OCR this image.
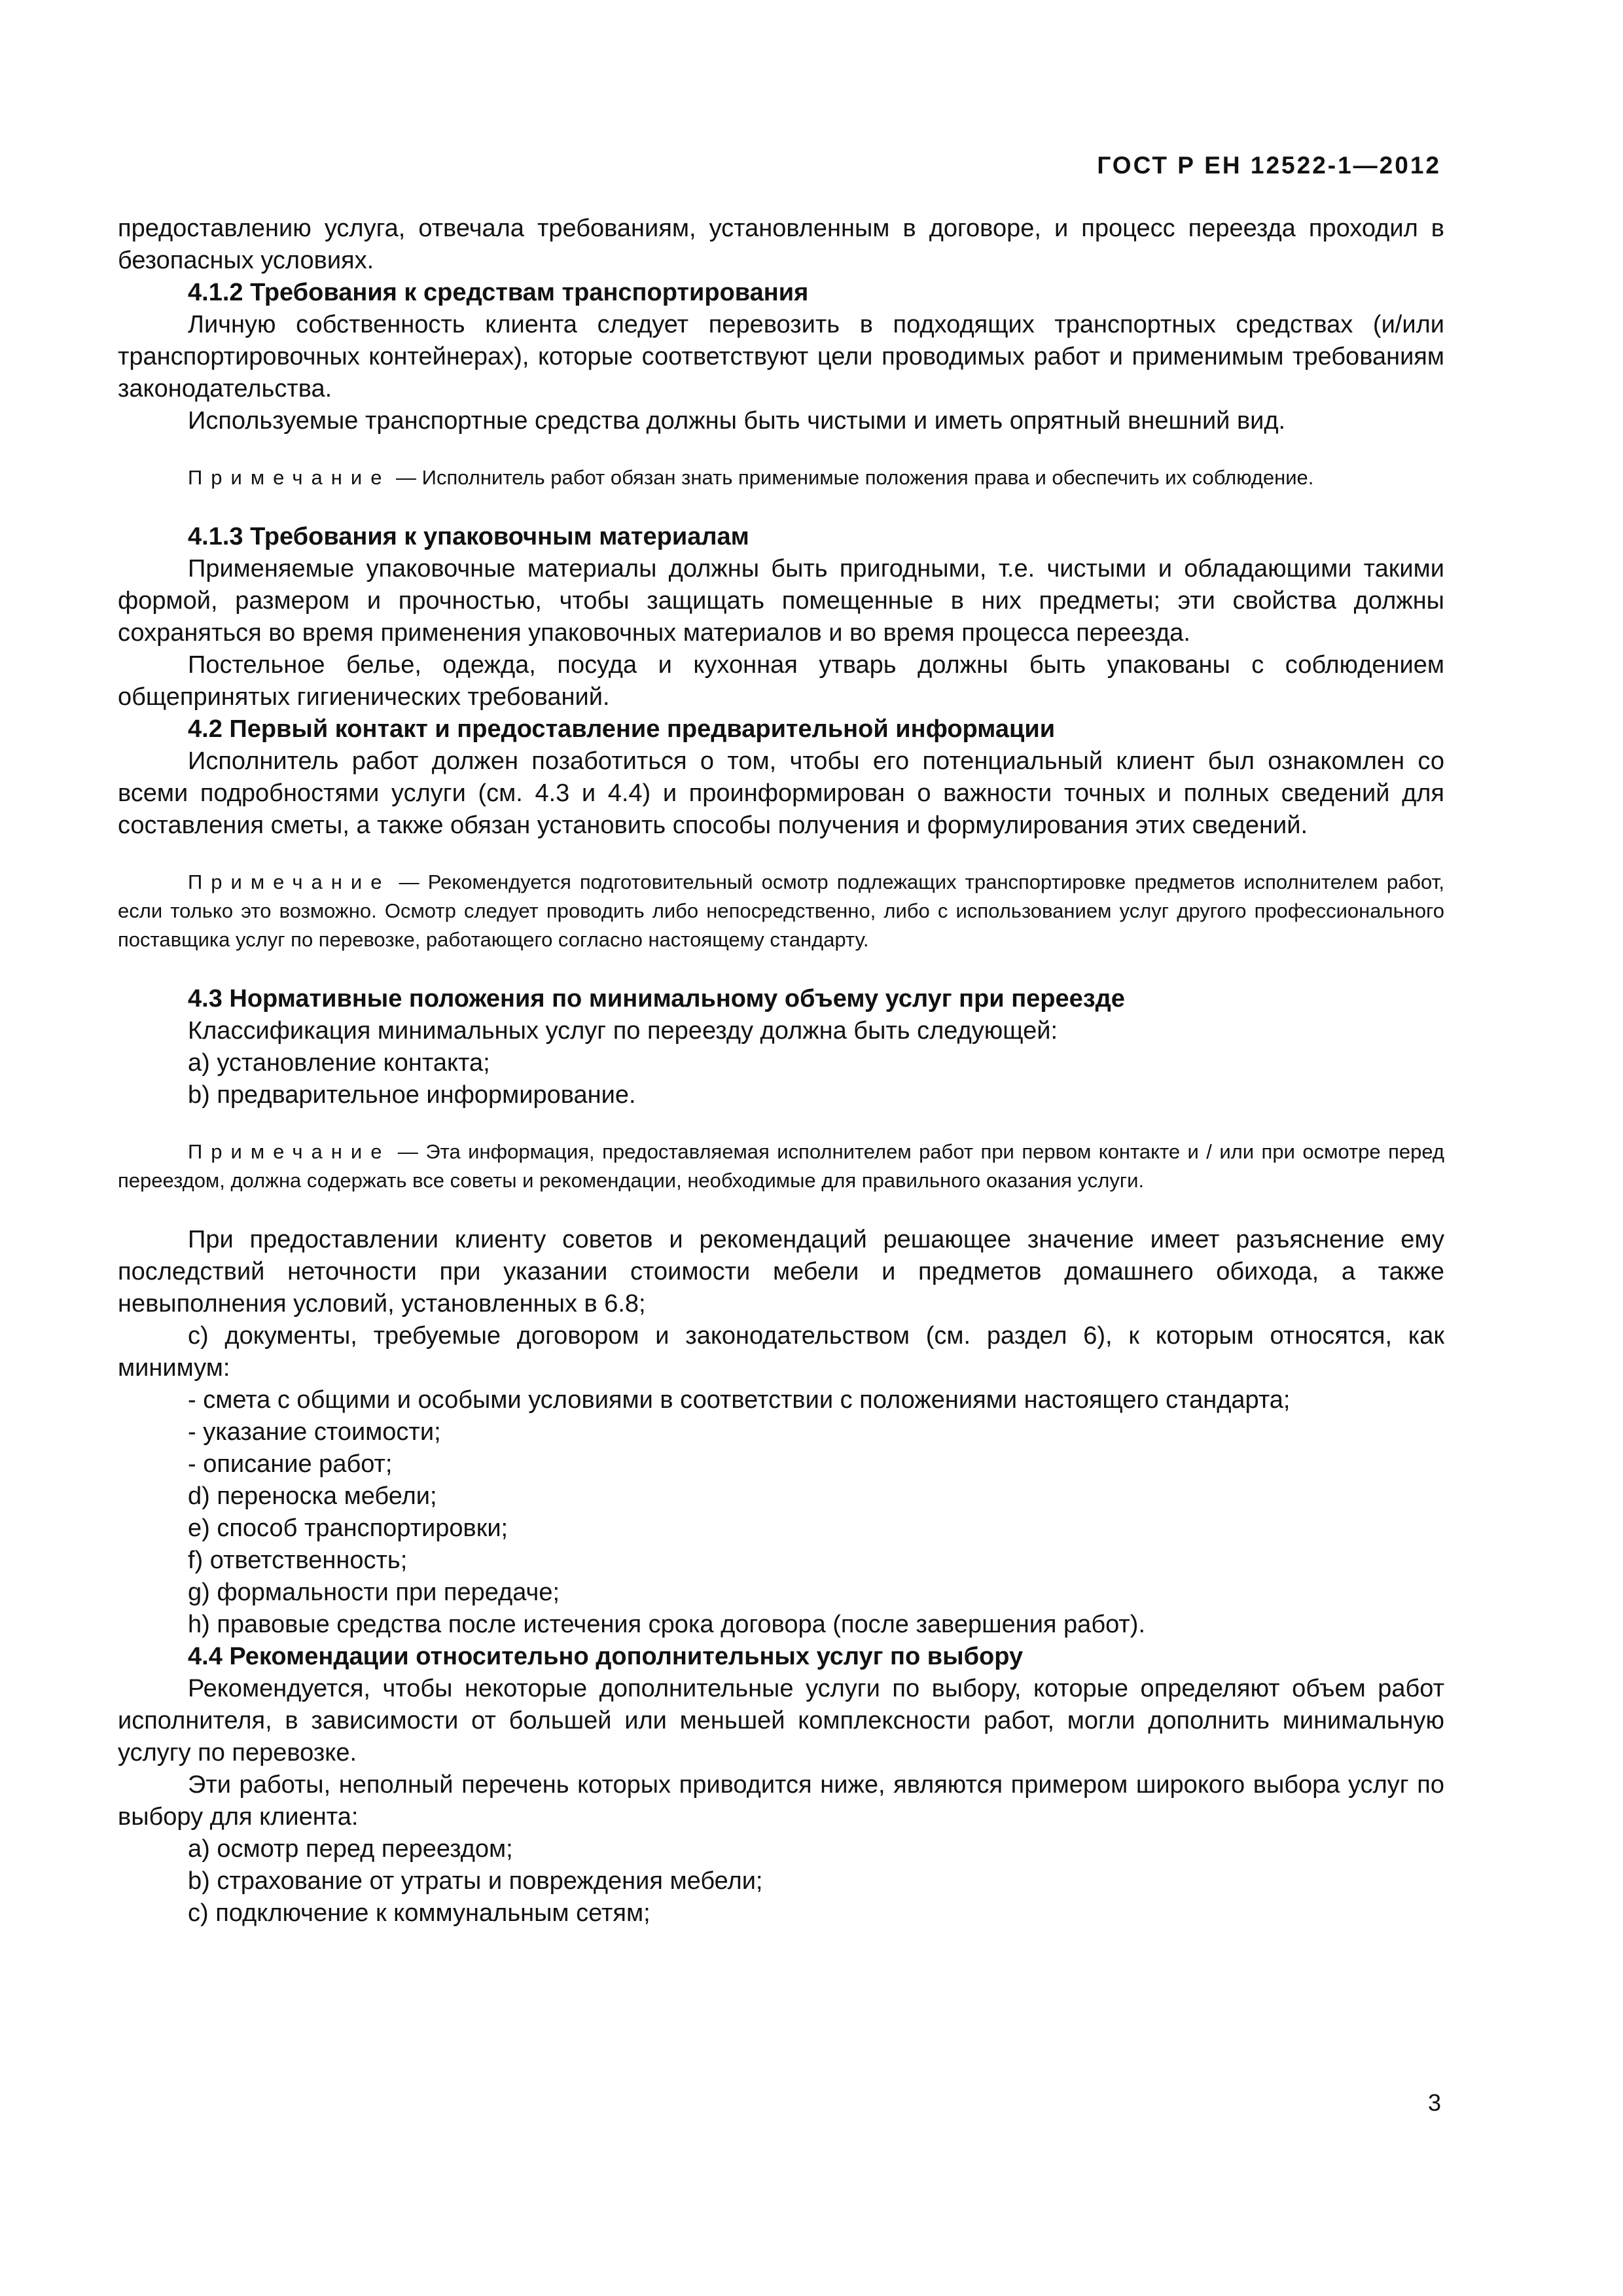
ГОСТ Р ЕН 12522-1—2012

предоставлению услуга, отвечала требованиям, установленным в договоре, и процесс переезда проходил в безопасных условиях.

4.1.2 Требования к средствам транспортирования

Личную собственность клиента следует перевозить в подходящих транспортных средствах (и/или транспортировочных контейнерах), которые соответствуют цели проводимых работ и применимым требованиям законодательства.

Используемые транспортные средства должны быть чистыми и иметь опрятный внешний вид.

Примечание — Исполнитель работ обязан знать применимые положения права и обеспечить их соблюдение.

4.1.3 Требования к упаковочным материалам

Применяемые упаковочные материалы должны быть пригодными, т.е. чистыми и обладающими такими формой, размером и прочностью, чтобы защищать помещенные в них предметы; эти свойства должны сохраняться во время применения упаковочных материалов и во время процесса переезда.

Постельное белье, одежда, посуда и кухонная утварь должны быть упакованы с соблюдением общепринятых гигиенических требований.

4.2 Первый контакт и предоставление предварительной информации

Исполнитель работ должен позаботиться о том, чтобы его потенциальный клиент был ознакомлен со всеми подробностями услуги (см. 4.3 и 4.4) и проинформирован о важности точных и полных сведений для составления сметы, а также обязан установить способы получения и формулирования этих сведений.

Примечание — Рекомендуется подготовительный осмотр подлежащих транспортировке предметов исполнителем работ, если только это возможно. Осмотр следует проводить либо непосредственно, либо с использованием услуг другого профессионального поставщика услуг по перевозке, работающего согласно настоящему стандарту.

4.3 Нормативные положения по минимальному объему услуг при переезде

Классификация минимальных услуг по переезду должна быть следующей:

a) установление контакта;

b) предварительное информирование.

Примечание — Эта информация, предоставляемая исполнителем работ при первом контакте и / или при осмотре перед переездом, должна содержать все советы и рекомендации, необходимые для правильного оказания услуги.

При предоставлении клиенту советов и рекомендаций решающее значение имеет разъяснение ему последствий неточности при указании стоимости мебели и предметов домашнего обихода, а также невыполнения условий, установленных в 6.8;

c) документы, требуемые договором и законодательством (см. раздел 6), к которым относятся, как минимум:

- смета с общими и особыми условиями в соответствии с положениями настоящего стандарта;

- указание стоимости;

- описание работ;

d) переноска мебели;

e) способ транспортировки;

f) ответственность;

g) формальности при передаче;

h) правовые средства после истечения срока договора (после завершения работ).

4.4 Рекомендации относительно дополнительных услуг по выбору

Рекомендуется, чтобы некоторые дополнительные услуги по выбору, которые определяют объем работ исполнителя, в зависимости от большей или меньшей комплексности работ, могли дополнить минимальную услугу по перевозке.

Эти работы, неполный перечень которых приводится ниже, являются примером широкого выбора услуг по выбору для клиента:

a) осмотр перед переездом;

b) страхование от утраты и повреждения мебели;

c) подключение к коммунальным сетям;

3
